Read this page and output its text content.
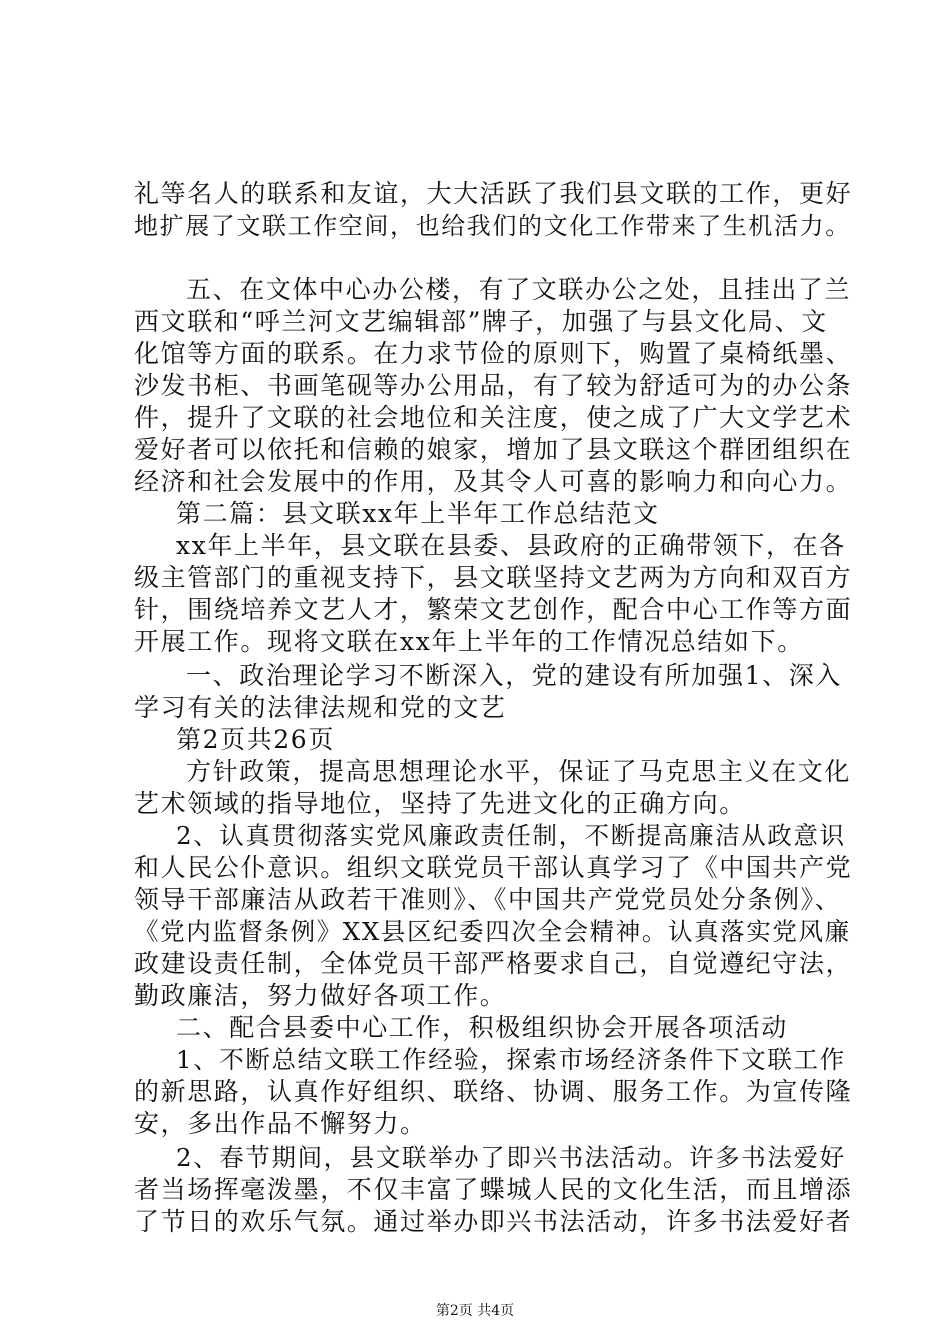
礼等名人的联系和友谊，大大活跃了我们县文联的工作，更好
地扩展了文联工作空间，也给我们的文化工作带来了生机活力。
五、在文体中心办公楼，有了文联办公之处，且挂出了兰
西文联和“呼兰河文艺编辑部”牌子，加强了与县文化局、文
化馆等方面的联系。在力求节俭的原则下，购置了桌椅纸墨、
沙发书柜、书画笔砚等办公用品，有了较为舒适可为的办公条
件，提升了文联的社会地位和关注度，使之成了广大文学艺术
爱好者可以依托和信赖的娘家，增加了县文联这个群团组织在
经济和社会发展中的作用，及其令人可喜的影响力和向心力。
第二篇：县文联xx年上半年工作总结范文
xx年上半年，县文联在县委、县政府的正确带领下，在各
级主管部门的重视支持下，县文联坚持文艺两为方向和双百方
针，围绕培养文艺人才，繁荣文艺创作，配合中心工作等方面
开展工作。现将文联在xx年上半年的工作情况总结如下。
一、政治理论学习不断深入，党的建设有所加强1、深入
学习有关的法律法规和党的文艺
第2页共26页
方针政策，提高思想理论水平，保证了马克思主义在文化
艺术领域的指导地位，坚持了先进文化的正确方向。
2、认真贯彻落实党风廉政责任制，不断提高廉洁从政意识
和人民公仆意识。组织文联党员干部认真学习了《中国共产党
领导干部廉洁从政若干准则》、《中国共产党党员处分条例》、
《党内监督条例》XX县区纪委四次全会精神。认真落实党风廉
政建设责任制，全体党员干部严格要求自己，自觉遵纪守法，
勤政廉洁，努力做好各项工作。
二、配合县委中心工作，积极组织协会开展各项活动
1、不断总结文联工作经验，探索市场经济条件下文联工作
的新思路，认真作好组织、联络、协调、服务工作。为宣传隆
安，多出作品不懈努力。
2、春节期间，县文联举办了即兴书法活动。许多书法爱好
者当场挥毫泼墨，不仅丰富了蝶城人民的文化生活，而且增添
了节日的欢乐气氛。通过举办即兴书法活动，许多书法爱好者
第2页 共4页
